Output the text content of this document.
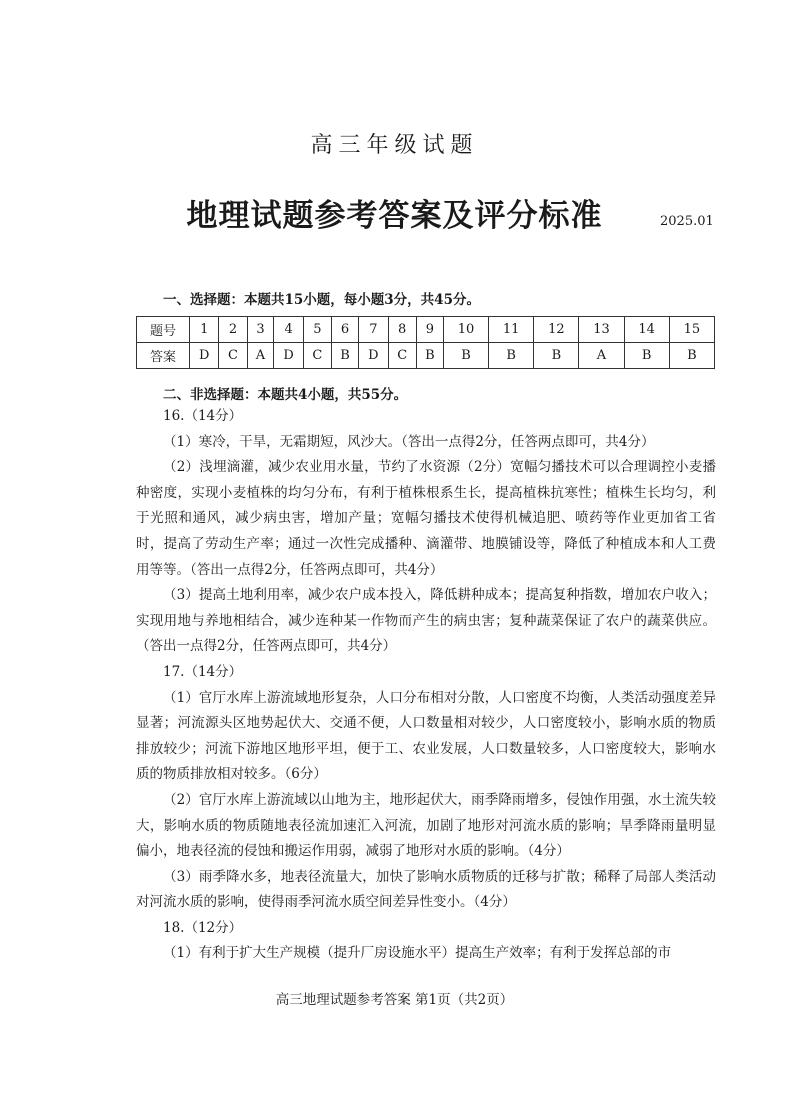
高三年级试题
地理试题参考答案及评分标准	2025.01
一、选择题：本题共15小题，每小题3分，共45分。
题号	1	2	3	4	5	6	7	8	9	10	11	12	13	14	15
答案	D	C	A	D	C	B	D	C	B	B	B	B	A	B	B
二、非选择题：本题共4小题，共55分。

16.（14分）

（1）寒冷，干旱，无霜期短，风沙大。（答出一点得2分，任答两点即可，共4分）

（2）浅埋滴灌，减少农业用水量，节约了水资源（2分）宽幅匀播技术可以合理调控小麦播种密度，实现小麦植株的均匀分布，有利于植株根系生长，提高植株抗寒性；植株生长均匀，利于光照和通风，减少病虫害，增加产量；宽幅匀播技术使得机械追肥、喷药等作业更加省工省时，提高了劳动生产率；通过一次性完成播种、滴灌带、地膜铺设等，降低了种植成本和人工费用等等。（答出一点得2分，任答两点即可，共4分）

（3）提高土地利用率，减少农户成本投入，降低耕种成本；提高复种指数，增加农户收入；实现用地与养地相结合，减少连种某一作物而产生的病虫害；复种蔬菜保证了农户的蔬菜供应。（答出一点得2分，任答两点即可，共4分）

17.（14分）

（1）官厅水库上游流域地形复杂，人口分布相对分散，人口密度不均衡，人类活动强度差异显著；河流源头区地势起伏大、交通不便，人口数量相对较少，人口密度较小，影响水质的物质排放较少；河流下游地区地形平坦，便于工、农业发展，人口数量较多，人口密度较大，影响水质的物质排放相对较多。（6分）

（2）官厅水库上游流域以山地为主，地形起伏大，雨季降雨增多，侵蚀作用强，水土流失较大，影响水质的物质随地表径流加速汇入河流，加剧了地形对河流水质的影响；旱季降雨量明显偏小，地表径流的侵蚀和搬运作用弱，减弱了地形对水质的影响。（4分）

（3）雨季降水多，地表径流量大，加快了影响水质物质的迁移与扩散；稀释了局部人类活动对河流水质的影响，使得雨季河流水质空间差异性变小。（4分）

18.（12分）

（1）有利于扩大生产规模（提升厂房设施水平）提高生产效率；有利于发挥总部的市

高三地理试题参考答案 第1页（共2页）
